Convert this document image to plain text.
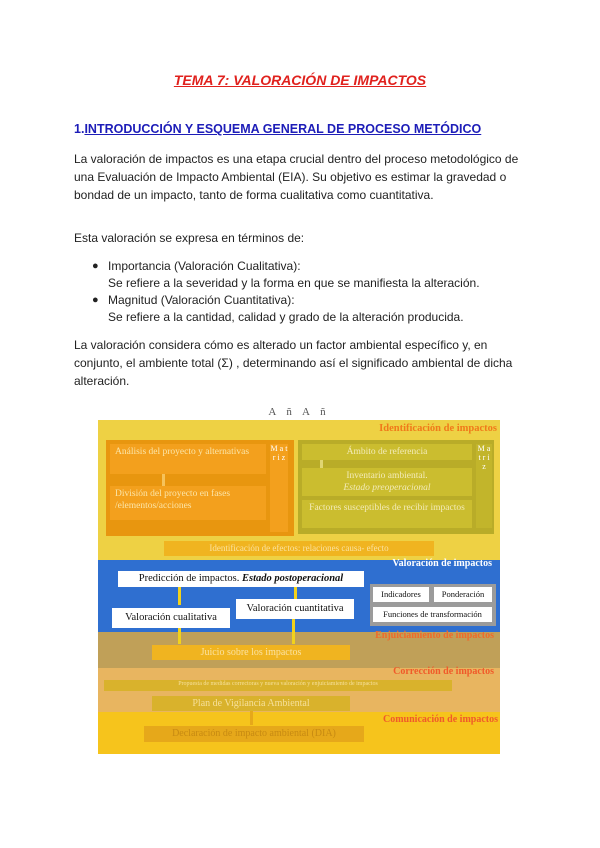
TEMA 7: VALORACIÓN DE IMPACTOS
1.INTRODUCCIÓN Y ESQUEMA GENERAL DE PROCESO METÓDICO
La valoración de impactos es una etapa crucial dentro del proceso metodológico de una Evaluación de Impacto Ambiental (EIA). Su objetivo es estimar la gravedad o bondad de un impacto, tanto de forma cualitativa como cuantitativa.
Esta valoración se expresa en términos de:
● Importancia (Valoración Cualitativa):
Se refiere a la severidad y la forma en que se manifiesta la alteración.
● Magnitud (Valoración Cuantitativa):
Se refiere a la cantidad, calidad y grado de la alteración producida.
La valoración considera cómo es alterado un factor ambiental específico y, en conjunto, el ambiente total (Σ) , determinando así el significado ambiental de dicha alteración.
A ñ A ñ
Identificación de impactos
Análisis del proyecto y alternativas
División del proyecto en fases /elementos/acciones
M a t r i z
Ámbito de referencia
Inventario ambiental.
Estado preoperacional
Factores susceptibles de recibir impactos
M a t r i z
Identificación de efectos: relaciones causa- efecto
Valoración de impactos
Predicción de impactos. Estado postoperacional
Indicadores	Ponderación
Funciones de transformación
Valoración cuantitativa
Valoración cualitativa
Enjuiciamiento de impactos
Juicio sobre los impactos
Corrección de impactos
Propuesta de medidas correctoras y nueva valoración y enjuiciamiento de impactos
Plan de Vigilancia Ambiental
Comunicación de impactos
Declaración de impacto ambiental (DIA)
